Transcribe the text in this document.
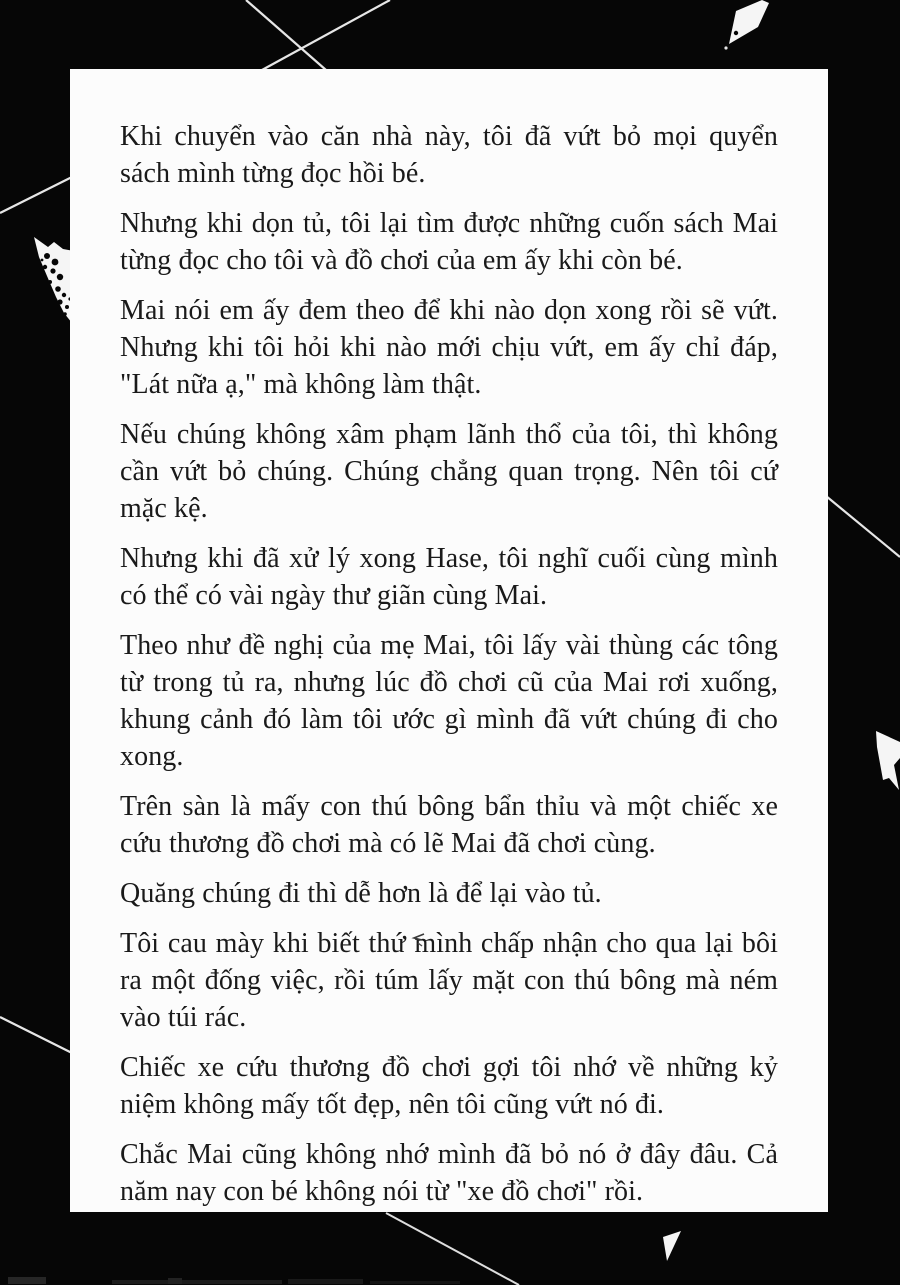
Khi chuyển vào căn nhà này, tôi đã vứt bỏ mọi quyển sách mình từng đọc hồi bé.

Nhưng khi dọn tủ, tôi lại tìm được những cuốn sách Mai từng đọc cho tôi và đồ chơi của em ấy khi còn bé.

Mai nói em ấy đem theo để khi nào dọn xong rồi sẽ vứt. Nhưng khi tôi hỏi khi nào mới chịu vứt, em ấy chỉ đáp, "Lát nữa ạ," mà không làm thật.

Nếu chúng không xâm phạm lãnh thổ của tôi, thì không cần vứt bỏ chúng. Chúng chẳng quan trọng. Nên tôi cứ mặc kệ.

Nhưng khi đã xử lý xong Hase, tôi nghĩ cuối cùng mình có thể có vài ngày thư giãn cùng Mai.

Theo như đề nghị của mẹ Mai, tôi lấy vài thùng các tông từ trong tủ ra, nhưng lúc đồ chơi cũ của Mai rơi xuống, khung cảnh đó làm tôi ước gì mình đã vứt chúng đi cho xong.

Trên sàn là mấy con thú bông bẩn thỉu và một chiếc xe cứu thương đồ chơi mà có lẽ Mai đã chơi cùng.

Quăng chúng đi thì dễ hơn là để lại vào tủ.

Tôi cau mày khi biết thứ mình chấp nhận cho qua lại bôi ra một đống việc, rồi túm lấy mặt con thú bông mà ném vào túi rác.

Chiếc xe cứu thương đồ chơi gợi tôi nhớ về những kỷ niệm không mấy tốt đẹp, nên tôi cũng vứt nó đi.

Chắc Mai cũng không nhớ mình đã bỏ nó ở đây đâu. Cả năm nay con bé không nói từ "xe đồ chơi" rồi.
